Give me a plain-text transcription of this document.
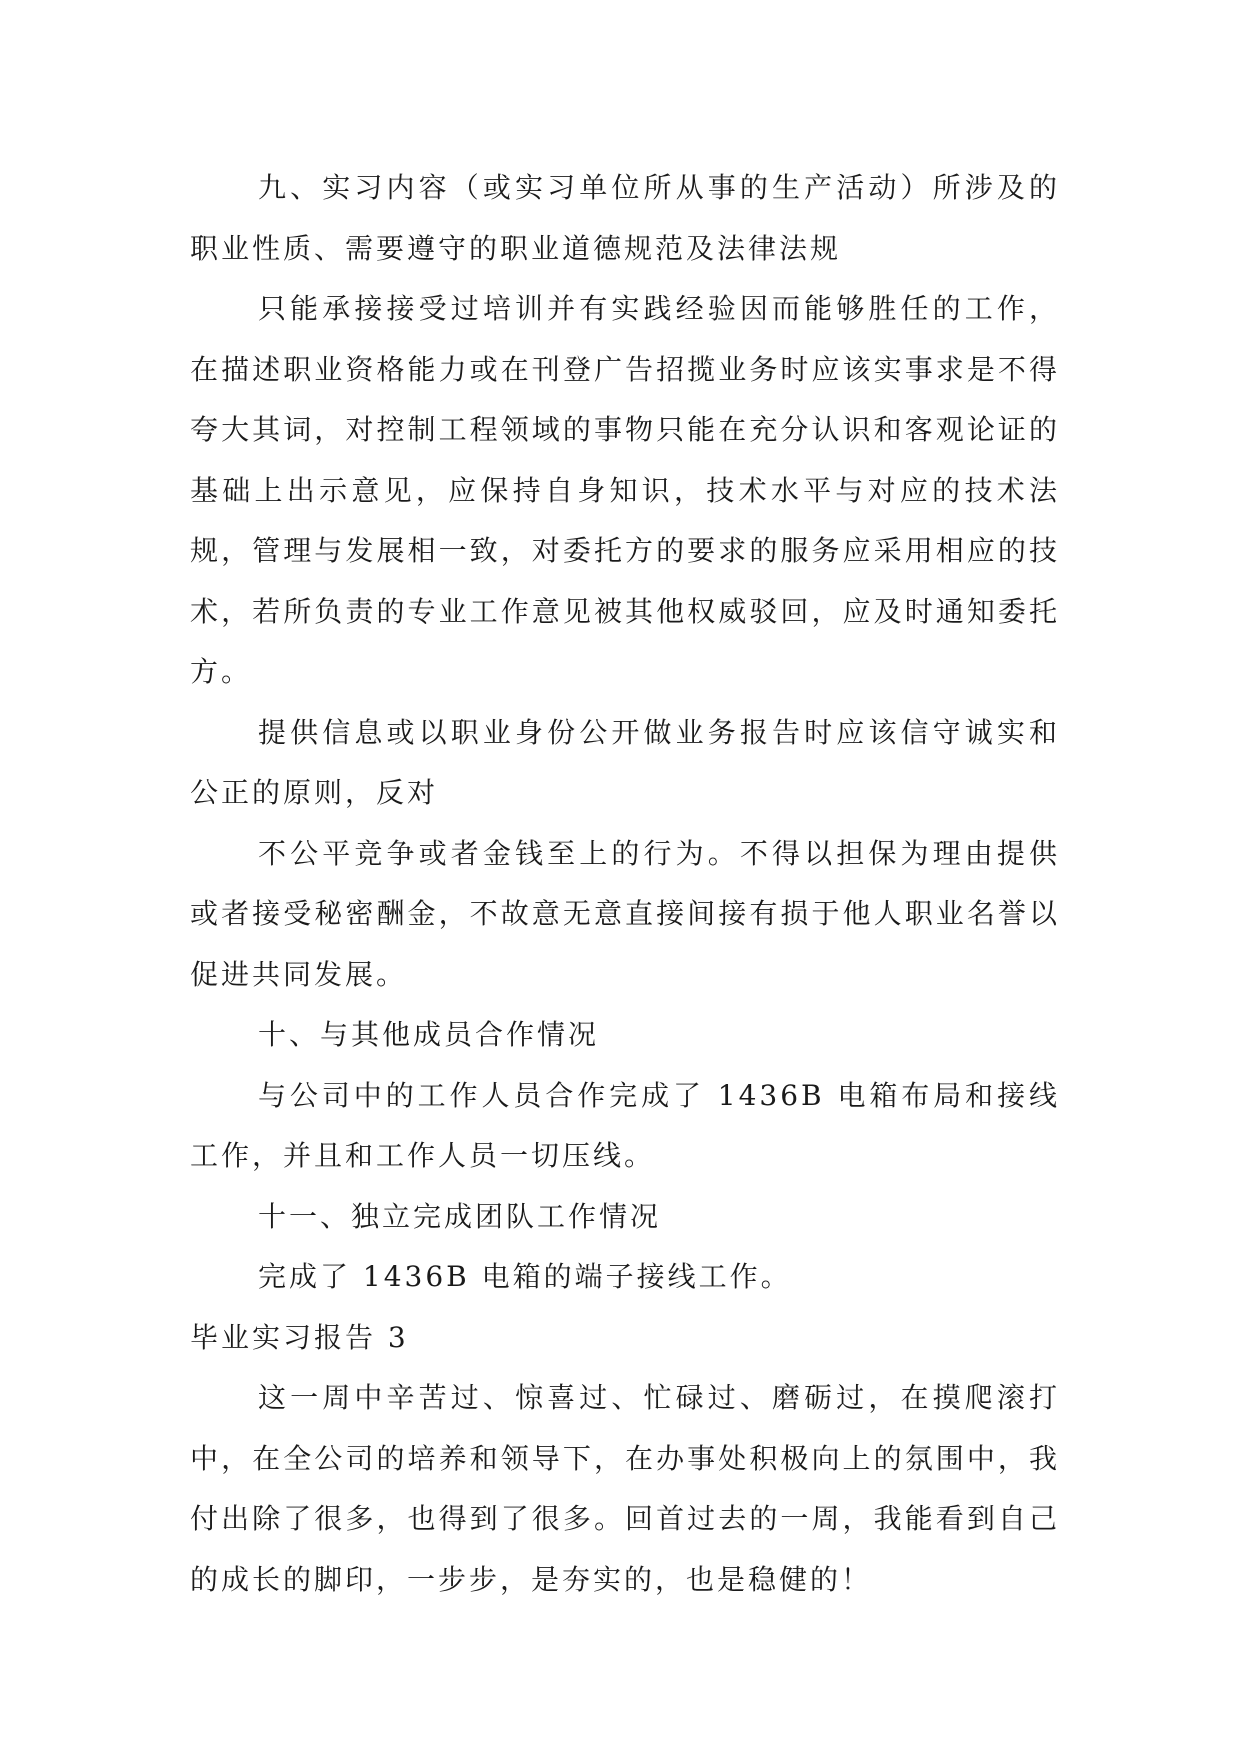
九、实习内容（或实习单位所从事的生产活动）所涉及的职业性质、需要遵守的职业道德规范及法律法规

只能承接接受过培训并有实践经验因而能够胜任的工作，在描述职业资格能力或在刊登广告招揽业务时应该实事求是不得夸大其词，对控制工程领域的事物只能在充分认识和客观论证的基础上出示意见，应保持自身知识，技术水平与对应的技术法规，管理与发展相一致，对委托方的要求的服务应采用相应的技术，若所负责的专业工作意见被其他权威驳回，应及时通知委托方。

提供信息或以职业身份公开做业务报告时应该信守诚实和公正的原则，反对

不公平竞争或者金钱至上的行为。不得以担保为理由提供或者接受秘密酬金，不故意无意直接间接有损于他人职业名誉以促进共同发展。

十、与其他成员合作情况

与公司中的工作人员合作完成了 1436B 电箱布局和接线工作，并且和工作人员一切压线。

十一、独立完成团队工作情况

完成了 1436B 电箱的端子接线工作。

毕业实习报告 3

这一周中辛苦过、惊喜过、忙碌过、磨砺过，在摸爬滚打中，在全公司的培养和领导下，在办事处积极向上的氛围中，我付出除了很多，也得到了很多。回首过去的一周，我能看到自己的成长的脚印，一步步，是夯实的，也是稳健的！
